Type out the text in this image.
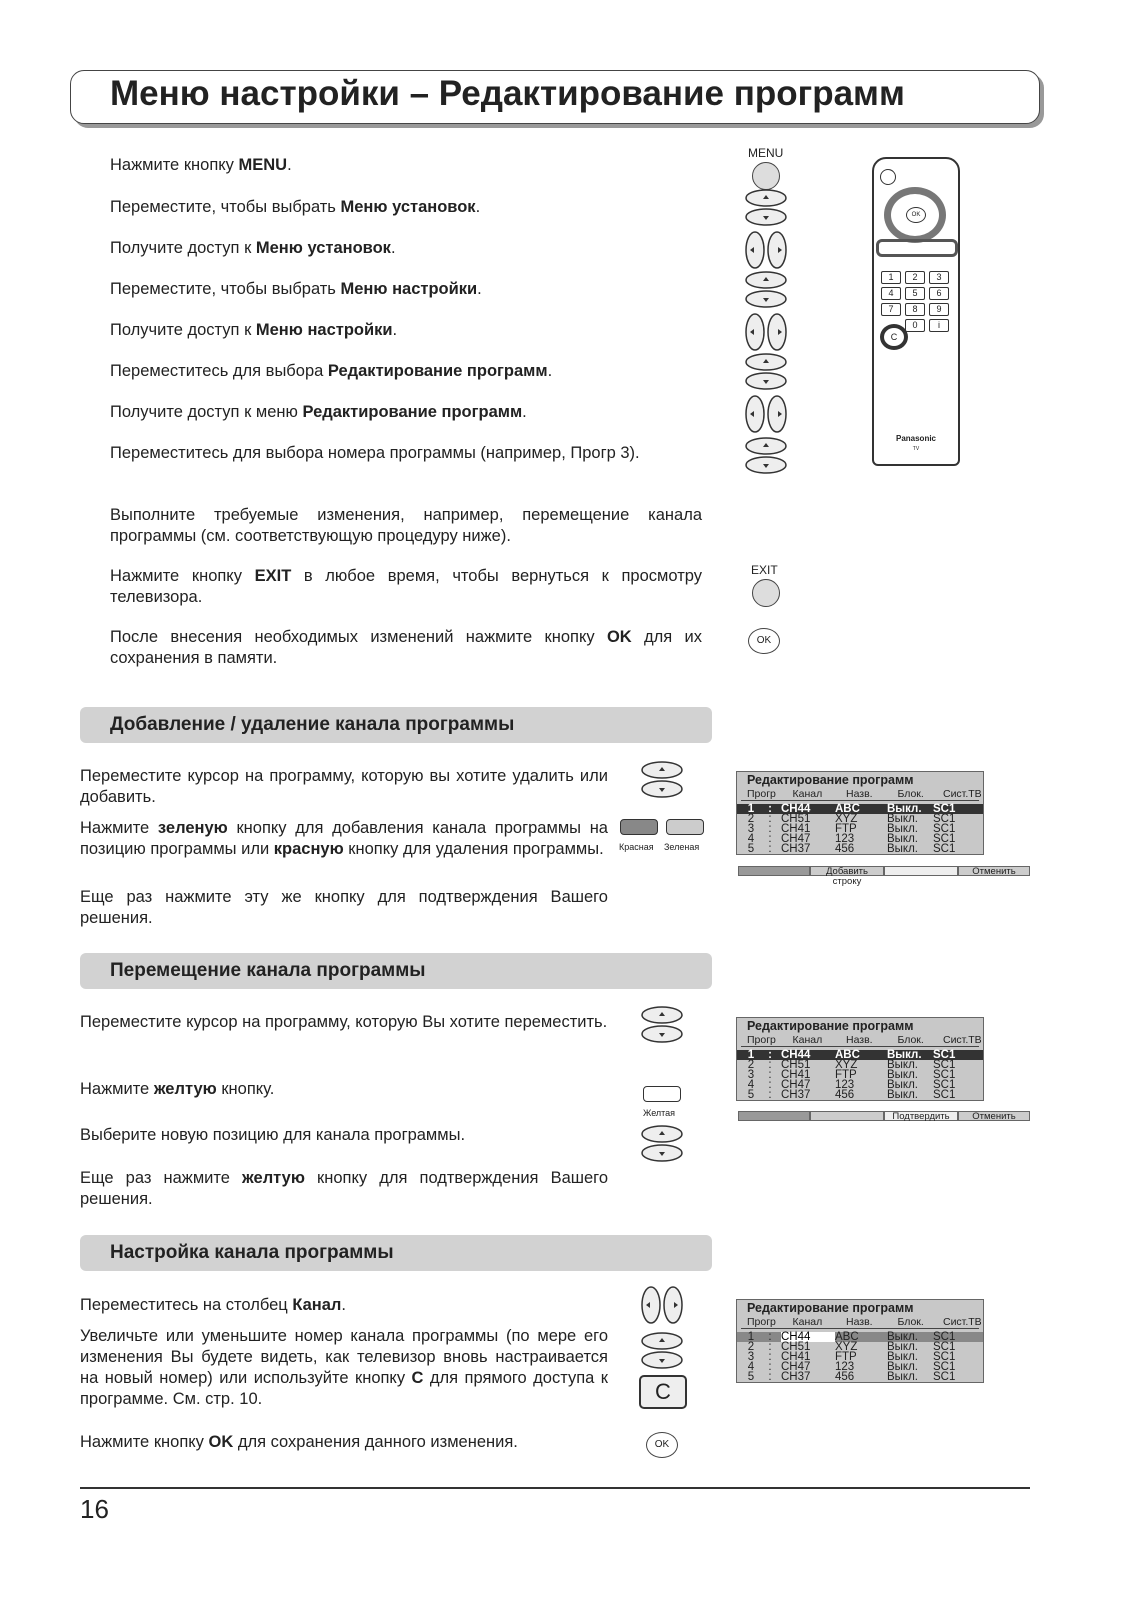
Меню настройки – Редактирование программ
MENU
EXIT
OK
OK
C
Panasonic
TV
1	2	3
4	5	6
7	8	9
0	i
Красная Зеленая
Желтая
C
OK
16
Нажмите кнопку MENU.
Переместите, чтобы выбрать Меню установок.
Получите доступ к Меню установок.
Переместите, чтобы выбрать Меню настройки.
Получите доступ к Меню настройки.
Переместитесь для выбора Редактирование программ.
Получите доступ к меню Редактирование программ.
Переместитесь для выбора номера программы (например, Прогр 3).
Выполните требуемые изменения, например, перемещение канала программы (см. соответствующую процедуру ниже).
Нажмите кнопку EXIT в любое время, чтобы вернуться к просмотру телевизора.
После внесения необходимых изменений нажмите кнопку OK для их сохранения в памяти.
Добавление / удаление канала программы
Переместите курсор на программу, которую вы хотите удалить или добавить.
Нажмите зеленую кнопку для добавления канала программы на позицию программы или красную кнопку для удаления программы.
Еще раз нажмите эту же кнопку для подтверждения Вашего решения.
Перемещение канала программы
Переместите курсор на программу, которую Вы хотите переместить.
Нажмите желтую кнопку.
Выберите новую позицию для канала программы.
Еще раз нажмите желтую кнопку для подтверждения Вашего решения.
Настройка канала программы
Переместитесь на столбец Канал.
Увеличьте или уменьшите номер канала программы (по мере его изменения Вы будете видеть, как телевизор вновь настраивается на новый номер) или используйте кнопку C для прямого доступа к программе. См. стр. 10.
Нажмите кнопку OK для сохранения данного изменения.
Редактирование программ
Прогр	Канал	Назв.	Блок.	Сист.ТВ
1	: CH44	ABC	Выкл. SC1
2	: CH51	XYZ	Выкл.	SC1
3	: CH41	FTP	Выкл.	SC1
4	: CH47	123	Выкл.	SC1
5	: CH37	456	Выкл.	SC1
Редактирование программ
Прогр	Канал	Назв.	Блок.	Сист.ТВ
1	: CH44	ABC	Выкл. SC1
2	: CH51	XYZ	Выкл.	SC1
3	: CH41	FTP	Выкл.	SC1
4	: CH47	123	Выкл.	SC1
5	: CH37	456	Выкл.	SC1
Редактирование программ
Прогр	Канал	Назв.	Блок.	Сист.ТВ
1	: CH44	ABC	Выкл.	SC1
2	: CH51	XYZ	Выкл.	SC1
3	: CH41	FTP	Выкл.	SC1
4	: CH47	123	Выкл.	SC1
5	: CH37	456	Выкл.	SC1
Добавить строку
Отменить
Подтвердить	Отменить
